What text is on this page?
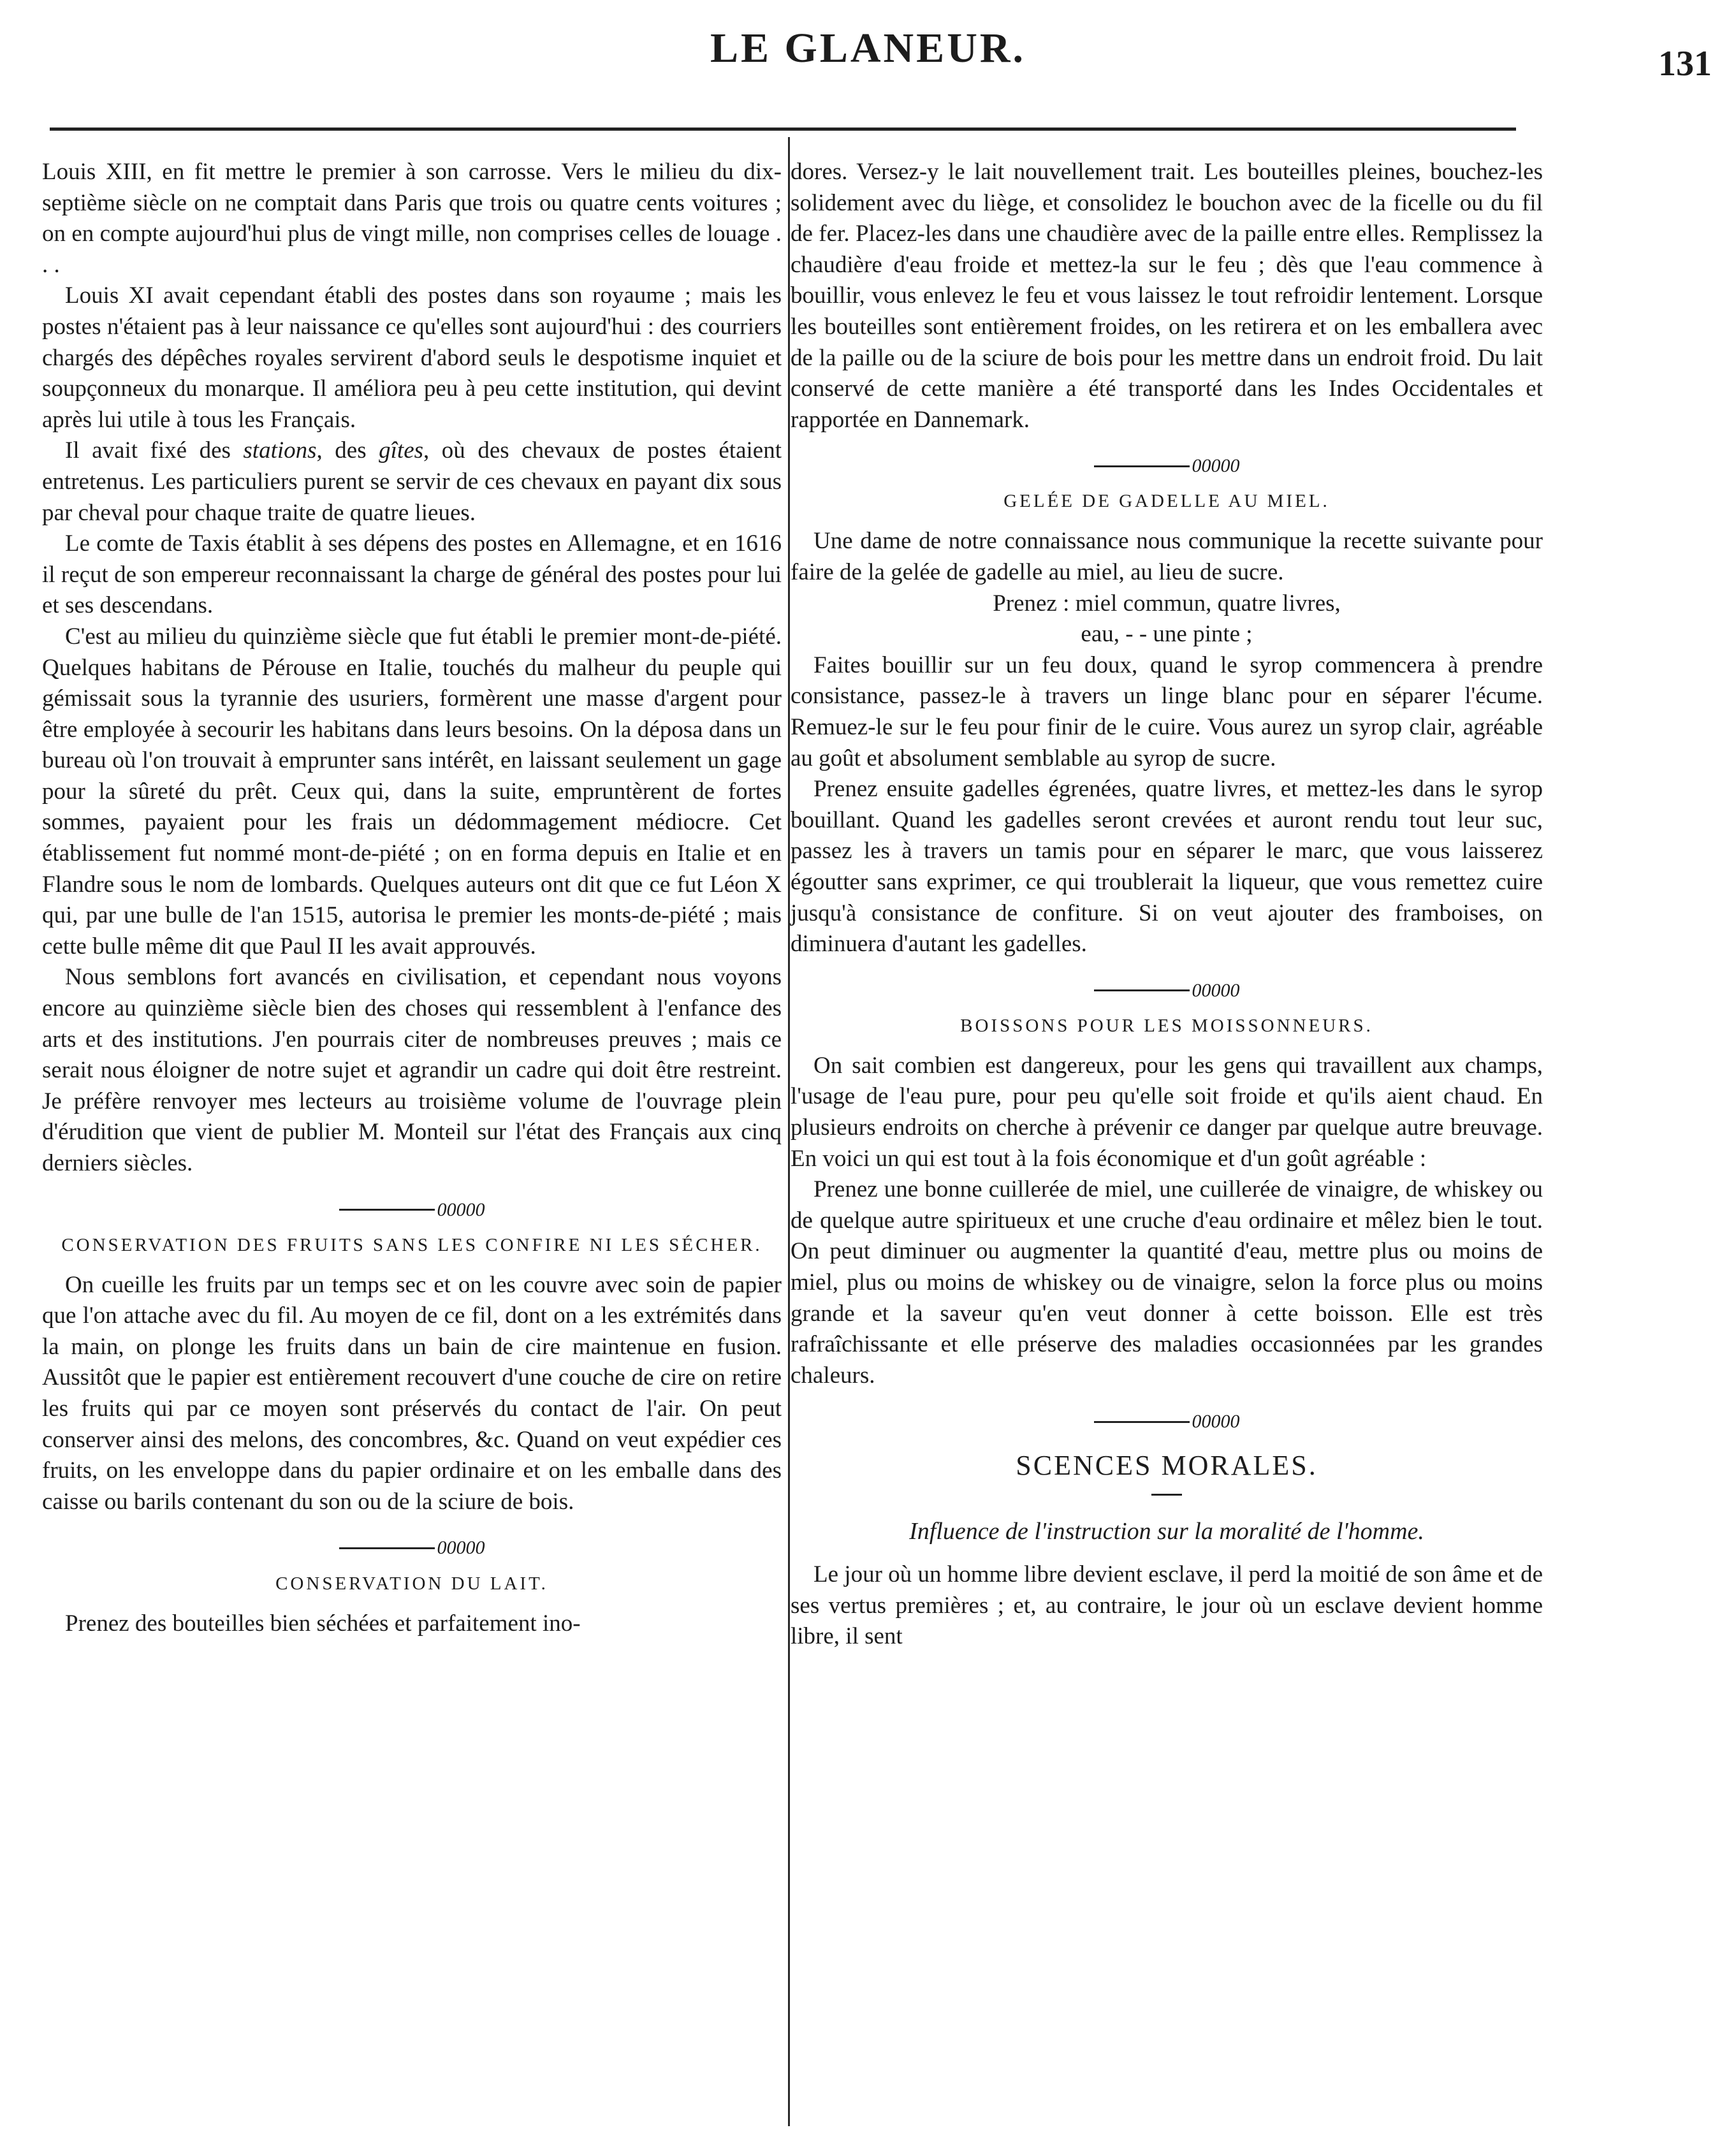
LE GLANEUR.	131

Louis XIII, en fit mettre le premier à son carrosse. Vers le milieu du dix-septième siècle on ne comptait dans Paris que trois ou quatre cents voitures ; on en compte aujourd'hui plus de vingt mille, non comprises celles de louage . . .

Louis XI avait cependant établi des postes dans son royaume ; mais les postes n'étaient pas à leur naissance ce qu'elles sont aujourd'hui : des courriers chargés des dépêches royales servirent d'abord seuls le despotisme inquiet et soupçonneux du monarque. Il améliora peu à peu cette institution, qui devint après lui utile à tous les Français.

Il avait fixé des stations, des gîtes, où des chevaux de postes étaient entretenus. Les particuliers purent se servir de ces chevaux en payant dix sous par cheval pour chaque traite de quatre lieues.

Le comte de Taxis établit à ses dépens des postes en Allemagne, et en 1616 il reçut de son empereur reconnaissant la charge de général des postes pour lui et ses descendans.

C'est au milieu du quinzième siècle que fut établi le premier mont-de-piété. Quelques habitans de Pérouse en Italie, touchés du malheur du peuple qui gémissait sous la tyrannie des usuriers, formèrent une masse d'argent pour être employée à secourir les habitans dans leurs besoins. On la déposa dans un bureau où l'on trouvait à emprunter sans intérêt, en laissant seulement un gage pour la sûreté du prêt. Ceux qui, dans la suite, empruntèrent de fortes sommes, payaient pour les frais un dédommagement médiocre. Cet établissement fut nommé mont-de-piété ; on en forma depuis en Italie et en Flandre sous le nom de lombards. Quelques auteurs ont dit que ce fut Léon X qui, par une bulle de l'an 1515, autorisa le premier les monts-de-piété ; mais cette bulle même dit que Paul II les avait approuvés.

Nous semblons fort avancés en civilisation, et cependant nous voyons encore au quinzième siècle bien des choses qui ressemblent à l'enfance des arts et des institutions. J'en pourrais citer de nombreuses preuves ; mais ce serait nous éloigner de notre sujet et agrandir un cadre qui doit être restreint. Je préfère renvoyer mes lecteurs au troisième volume de l'ouvrage plein d'érudition que vient de publier M. Monteil sur l'état des Français aux cinq derniers siècles.

00000
CONSERVATION DES FRUITS SANS LES CONFIRE NI LES SÉCHER.

On cueille les fruits par un temps sec et on les couvre avec soin de papier que l'on attache avec du fil. Au moyen de ce fil, dont on a les extrémités dans la main, on plonge les fruits dans un bain de cire maintenue en fusion. Aussitôt que le papier est entièrement recouvert d'une couche de cire on retire les fruits qui par ce moyen sont préservés du contact de l'air. On peut conserver ainsi des melons, des concombres, &c. Quand on veut expédier ces fruits, on les enveloppe dans du papier ordinaire et on les emballe dans des caisse ou barils contenant du son ou de la sciure de bois.

00000
CONSERVATION DU LAIT.

Prenez des bouteilles bien séchées et parfaitement ino-

dores. Versez-y le lait nouvellement trait. Les bouteilles pleines, bouchez-les solidement avec du liège, et consolidez le bouchon avec de la ficelle ou du fil de fer. Placez-les dans une chaudière avec de la paille entre elles. Remplissez la chaudière d'eau froide et mettez-la sur le feu ; dès que l'eau commence à bouillir, vous enlevez le feu et vous laissez le tout refroidir lentement. Lorsque les bouteilles sont entièrement froides, on les retirera et on les emballera avec de la paille ou de la sciure de bois pour les mettre dans un endroit froid. Du lait conservé de cette manière a été transporté dans les Indes Occidentales et rapportée en Dannemark.

00000
GELÉE DE GADELLE AU MIEL.

Une dame de notre connaissance nous communique la recette suivante pour faire de la gelée de gadelle au miel, au lieu de sucre.

Prenez : miel commun, quatre livres,

eau, - - une pinte ;

Faites bouillir sur un feu doux, quand le syrop commencera à prendre consistance, passez-le à travers un linge blanc pour en séparer l'écume. Remuez-le sur le feu pour finir de le cuire. Vous aurez un syrop clair, agréable au goût et absolument semblable au syrop de sucre.

Prenez ensuite gadelles égrenées, quatre livres, et mettez-les dans le syrop bouillant. Quand les gadelles seront crevées et auront rendu tout leur suc, passez les à travers un tamis pour en séparer le marc, que vous laisserez égoutter sans exprimer, ce qui troublerait la liqueur, que vous remettez cuire jusqu'à consistance de confiture. Si on veut ajouter des framboises, on diminuera d'autant les gadelles.

00000
BOISSONS POUR LES MOISSONNEURS.

On sait combien est dangereux, pour les gens qui travaillent aux champs, l'usage de l'eau pure, pour peu qu'elle soit froide et qu'ils aient chaud. En plusieurs endroits on cherche à prévenir ce danger par quelque autre breuvage. En voici un qui est tout à la fois économique et d'un goût agréable :

Prenez une bonne cuillerée de miel, une cuillerée de vinaigre, de whiskey ou de quelque autre spiritueux et une cruche d'eau ordinaire et mêlez bien le tout. On peut diminuer ou augmenter la quantité d'eau, mettre plus ou moins de miel, plus ou moins de whiskey ou de vinaigre, selon la force plus ou moins grande et la saveur qu'en veut donner à cette boisson. Elle est très rafraîchissante et elle préserve des maladies occasionnées par les grandes chaleurs.

00000
SCENCES MORALES.
Influence de l'instruction sur la moralité de l'homme.

Le jour où un homme libre devient esclave, il perd la moitié de son âme et de ses vertus premières ; et, au contraire, le jour où un esclave devient homme libre, il sent
